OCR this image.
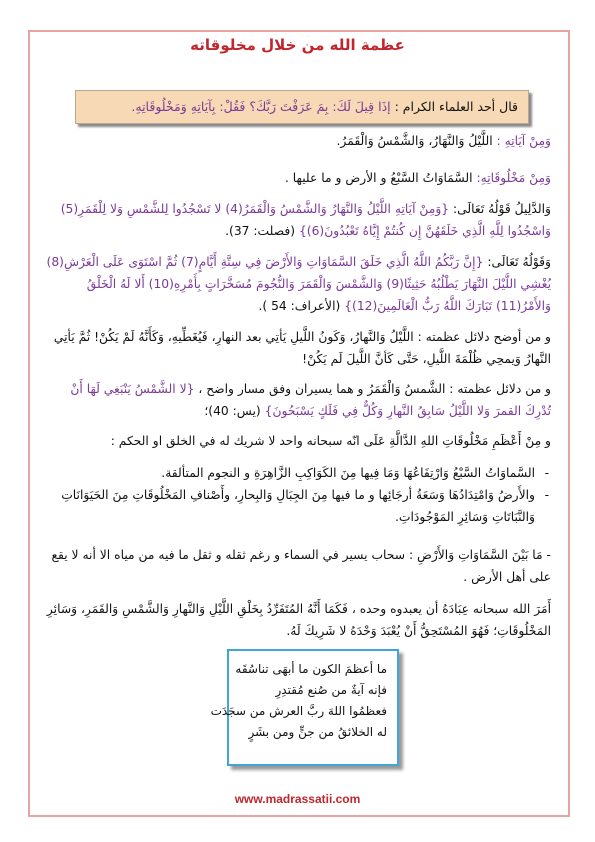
عظمة الله من خلال مخلوقاته
قال أحد العلماء الكرام : إذَا قِيلَ لَكَ: بِمَ عَرَفْتَ رَبَّكَ؟ فَقُلْ: بِآيَاتِهِ وَمَخْلُوقَاتِهِ.
وَمِنْ آيَاتِهِ : اللَّيْلُ وَالنَّهَارُ، وَالشَّمْسُ وَالْقَمَرُ.
وَمِنْ مَخْلُوقَاتِهِ: السَّمَاوَاتُ السَّبْعُ و الأرض و ما عليها .
وَالدَّلِيلُ قَوْلُهُ تَعَالَى: {وَمِنْ آيَاتِهِ اللَّيْلُ وَالنَّهَارُ وَالشَّمْسُ وَالْقَمَرُ(4) لا تَسْجُدُوا لِلشَّمْسِ وَلا لِلْقَمَرِ(5) وَاسْجُدُوا لِلَّهِ الَّذِي خَلَقَهُنَّ إِن كُنتُمْ إِيَّاهُ تَعْبُدُونَ(6)} (فصلت: 37).
وَقَوْلُهُ تَعَالَى: {إِنَّ رَبَّكُمُ اللَّهُ الَّذِي خَلَقَ السَّمَاوَاتِ وَالأَرْضَ فِي سِتَّةِ أَيَّامٍ(7) ثُمَّ اسْتَوَى عَلَى الْعَرْشِ(8) يُغْشِي اللَّيْلَ النَّهَارَ يَطْلُبُهُ حَثِيثًا(9) وَالشَّمْسَ وَالْقَمَرَ وَالنُّجُومَ مُسَخَّرَاتٍ بِأَمْرِهِ(10) أَلا لَهُ الْخَلْقُ وَالأَمْرُ(11) تَبَارَكَ اللَّهُ رَبُّ الْعَالَمِينَ(12)} (الأعراف: 54 ).
و من أوضح دلائل عظمته : اللَّيْلُ وَالنَّهارُ، وَكَونُ اللَّيلِ يَأتِي بعد النهارِ، فَيُغَطِّيهِ، وَكَأَنَّهُ لَمْ يَكُنْ! ثُمَّ يَأتِي النَّهارُ وَيمحِي ظُلْمَةَ اللَّيلِ، حَتَّى كَأنَّ اللَّيلَ لَم يَكُنْ!
و من دلائل عظمته : الشَّمسُ وَالْقَمَرُ و هما يسيران وفق مسار واضح ، {لا الشَّمْسُ يَنْبَغِي لَهَا أَنْ تُدْرِكَ القمرَ وَلا اللَّيْلُ سَابِقُ النَّهارِ وَكُلٌّ فِي فَلَكٍ يَسْبَحُونَ} (يس: 40)؛
و مِنْ أَعْظَمِ مَخْلُوقَاتِ اللهِ الدَّالَّةِ عَلَى انّه سبحانه واحد لا شريك له في الخلق او الحكم :
- السَّماوَاتُ السَّبْعُ وَارْتِفَاعُهَا وَمَا فِيها مِنَ الكَوَاكِبِ الزَّاهِرَةِ و النجوم المتألقة.
- والأَرضُ وَامْتِدَادُهَا وَسَعَةُ أرجَائِها و ما فيها مِنَ الجِبَالِ وَالبِحارِ، وأَصْنافِ المَخْلُوقَاتِ مِنَ الحَيَوَانَاتِ وَالنَّبَاتَاتِ وَسَائِرِ المَوْجُودَاتِ.
- مَا بَيْنَ السَّمَاوَاتِ وَالأَرْضِ : سحاب يسير في السماء و رغم ثقله و ثقل ما فيه من مياه الا أنه لا يقع على أهل الأرض .
أَمَرَ الله سبحانه عِبَادَهُ أن يعبدوه وحده ، فَكَمَا أَنَّهُ المُتَفَرِّدُ بِخَلْقِ اللَّيْلِ وَالنَّهارِ وَالشَّمْسِ وَالقَمَرِ، وَسَائِرِ المَخْلُوقَاتِ؛ فَهُوَ المُسْتَحِقُّ أَنْ يُعْبَدَ وَحْدَهُ لا شَرِيكَ لَهُ.
ما أعظمَ الكون ما أبهَى تناسُقَه
فإنه آيةٌ من صُنع مُقتدِرِ
فعظمُوا اللهَ ربَّ العرش من سجَدَت
له الخلائقُ من جنٍّ ومن بشَرٍ
www.madrassatii.com
